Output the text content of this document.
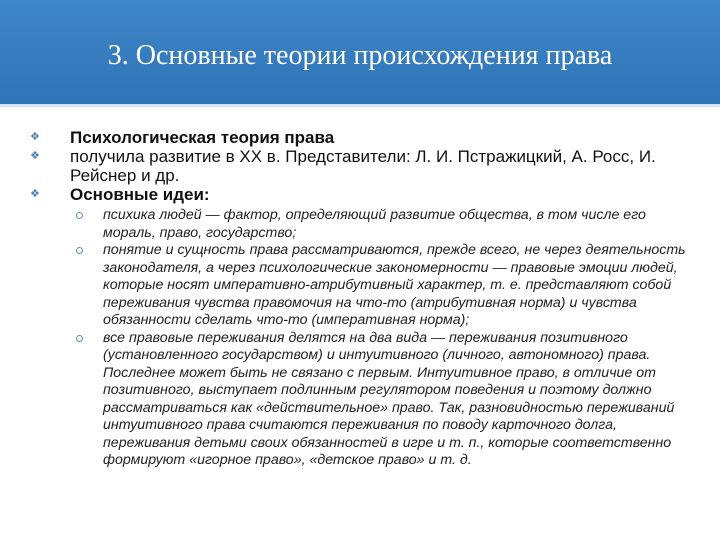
3. Основные теории происхождения права
❖ Психологическая теория права
❖ получила развитие в XX в. Представители: Л. И. Пстражицкий, А. Росс, И. Рейснер и др.
❖ Основные идеи:
психика людей — фактор, определяющий развитие общества, в том числе его мораль, право, государство;
понятие и сущность права рассматриваются, прежде всего, не через деятельность законодателя, а через психологические закономерности — правовые эмоции людей, которые носят императивно-атрибутивный характер, т. е. представляют собой переживания чувства правомочия на что-то (атрибутивная норма) и чувства обязанности сделать что-то (императивная норма);
все правовые переживания делятся на два вида — переживания позитивного (установленного государством) и интуитивного (личного, автономного) права. Последнее может быть не связано с первым. Интуитивное право, в отличие от позитивного, выступает подлинным регулятором поведения и поэтому должно рассматриваться как «действительное» право. Так, разновидностью переживаний интуитивного права считаются переживания по поводу карточного долга, переживания детьми своих обязанностей в игре и т. п., которые соответственно формируют «игорное право», «детское право» и т. д.
